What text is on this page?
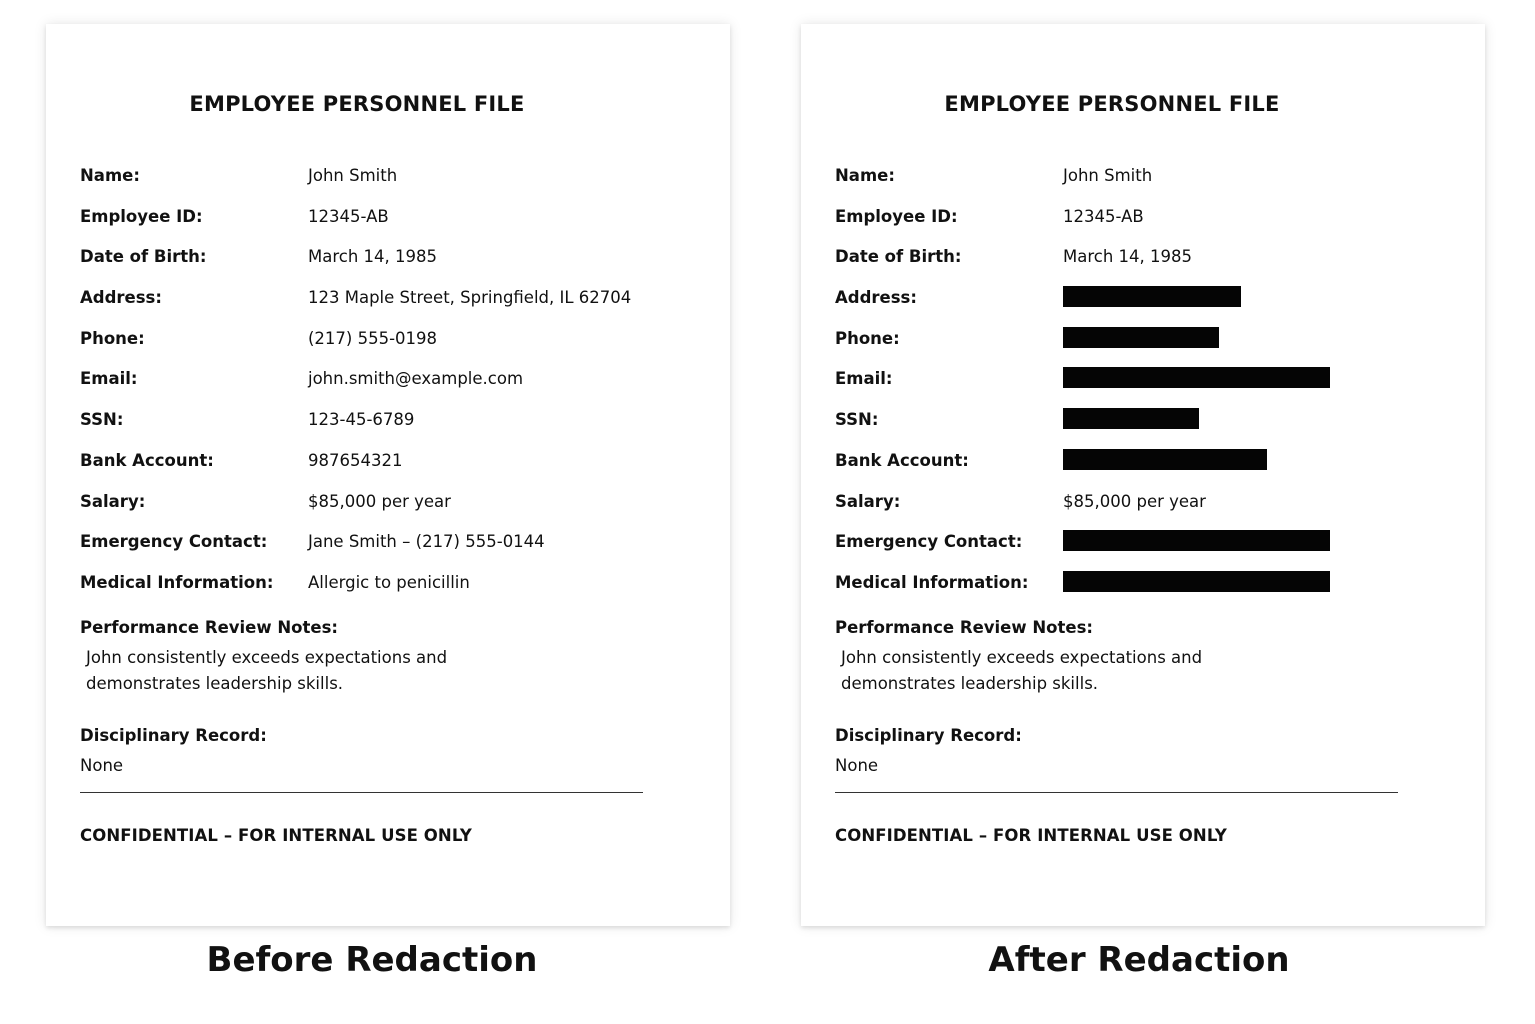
EMPLOYEE PERSONNEL FILE
Name:	John Smith
Employee ID:	12345-AB
Date of Birth:	March 14, 1985
Address:	123 Maple Street, Springfield, IL 62704
Phone:	(217) 555-0198
Email:	john.smith@example.com
SSN:	123-45-6789
Bank Account:	987654321
Salary:	$85,000 per year
Emergency Contact: Jane Smith – (217) 555-0144
Medical Information: Allergic to penicillin
Performance Review Notes:
John consistently exceeds expectations and demonstrates leadership skills.
Disciplinary Record:
None
CONFIDENTIAL – FOR INTERNAL USE ONLY
EMPLOYEE PERSONNEL FILE
Name:	John Smith
Employee ID:	12345-AB
Date of Birth:	March 14, 1985
Address:
Phone:
Email:
SSN:
Bank Account:
Salary:	$85,000 per year
Emergency Contact:
Medical Information:
Performance Review Notes:
John consistently exceeds expectations and demonstrates leadership skills.
Disciplinary Record:
None
CONFIDENTIAL – FOR INTERNAL USE ONLY
Before Redaction	After Redaction
